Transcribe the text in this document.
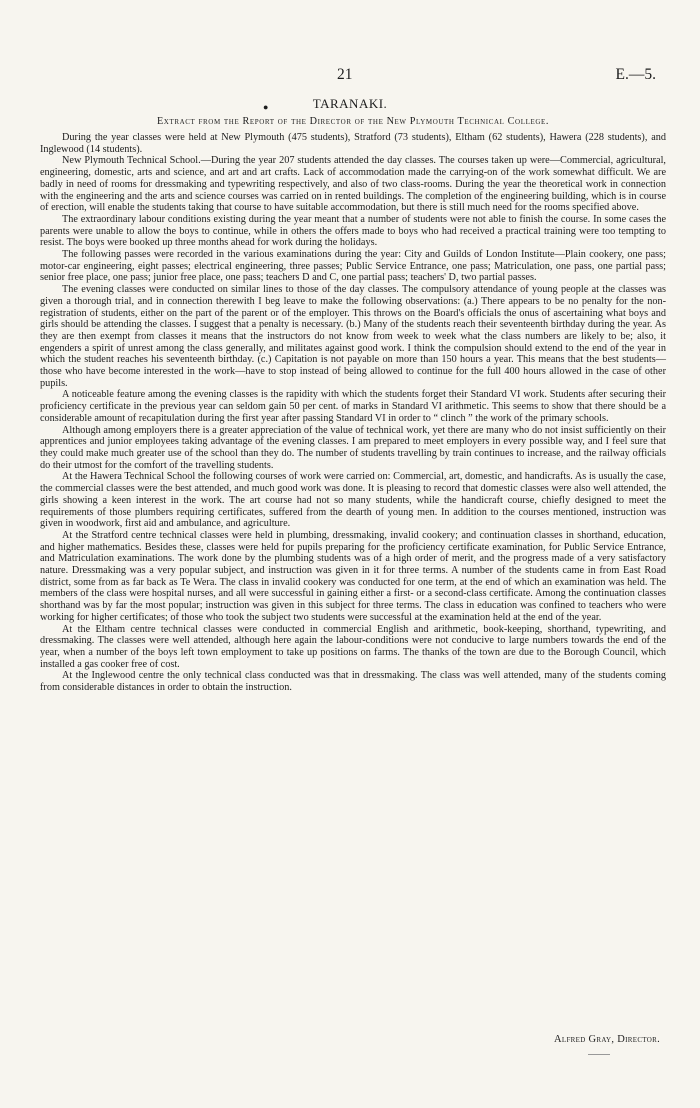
21	E.—5.
●	TARANAKI.
Extract from the Report of the Director of the New Plymouth Technical College.

During the year classes were held at New Plymouth (475 students), Stratford (73 students), Eltham (62 students), Hawera (228 students), and Inglewood (14 students).

New Plymouth Technical School.—During the year 207 students attended the day classes. The courses taken up were—Commercial, agricultural, engineering, domestic, arts and science, and art and art crafts. Lack of accommodation made the carrying-on of the work somewhat difficult. We are badly in need of rooms for dressmaking and typewriting respectively, and also of two class-rooms. During the year the theoretical work in connection with the engineering and the arts and science courses was carried on in rented buildings. The completion of the engineering building, which is in course of erection, will enable the students taking that course to have suitable accommodation, but there is still much need for the rooms specified above.

The extraordinary labour conditions existing during the year meant that a number of students were not able to finish the course. In some cases the parents were unable to allow the boys to continue, while in others the offers made to boys who had received a practical training were too tempting to resist. The boys were booked up three months ahead for work during the holidays.

The following passes were recorded in the various examinations during the year: City and Guilds of London Institute—Plain cookery, one pass; motor-car engineering, eight passes; electrical engineering, three passes; Public Service Entrance, one pass; Matriculation, one pass, one partial pass; senior free place, one pass; junior free place, one pass; teachers D and C, one partial pass; teachers' D, two partial passes.

The evening classes were conducted on similar lines to those of the day classes. The compulsory attendance of young people at the classes was given a thorough trial, and in connection therewith I beg leave to make the following observations: (a.) There appears to be no penalty for the non-registration of students, either on the part of the parent or of the employer. This throws on the Board's officials the onus of ascertaining what boys and girls should be attending the classes. I suggest that a penalty is necessary. (b.) Many of the students reach their seventeenth birthday during the year. As they are then exempt from classes it means that the instructors do not know from week to week what the class numbers are likely to be; also, it engenders a spirit of unrest among the class generally, and militates against good work. I think the compulsion should extend to the end of the year in which the student reaches his seventeenth birthday. (c.) Capitation is not payable on more than 150 hours a year. This means that the best students—those who have become interested in the work—have to stop instead of being allowed to continue for the full 400 hours allowed in the case of other pupils.

A noticeable feature among the evening classes is the rapidity with which the students forget their Standard VI work. Students after securing their proficiency certificate in the previous year can seldom gain 50 per cent. of marks in Standard VI arithmetic. This seems to show that there should be a considerable amount of recapitulation during the first year after passing Standard VI in order to “ clinch ” the work of the primary schools.

Although among employers there is a greater appreciation of the value of technical work, yet there are many who do not insist sufficiently on their apprentices and junior employees taking advantage of the evening classes. I am prepared to meet employers in every possible way, and I feel sure that they could make much greater use of the school than they do. The number of students travelling by train continues to increase, and the railway officials do their utmost for the comfort of the travelling students.

At the Hawera Technical School the following courses of work were carried on: Commercial, art, domestic, and handicrafts. As is usually the case, the commercial classes were the best attended, and much good work was done. It is pleasing to record that domestic classes were also well attended, the girls showing a keen interest in the work. The art course had not so many students, while the handicraft course, chiefly designed to meet the requirements of those plumbers requiring certificates, suffered from the dearth of young men. In addition to the courses mentioned, instruction was given in woodwork, first aid and ambulance, and agriculture.

At the Stratford centre technical classes were held in plumbing, dressmaking, invalid cookery; and continuation classes in shorthand, education, and higher mathematics. Besides these, classes were held for pupils preparing for the proficiency certificate examination, for Public Service Entrance, and Matriculation examinations. The work done by the plumbing students was of a high order of merit, and the progress made of a very satisfactory nature. Dressmaking was a very popular subject, and instruction was given in it for three terms. A number of the students came in from East Road district, some from as far back as Te Wera. The class in invalid cookery was conducted for one term, at the end of which an examination was held. The members of the class were hospital nurses, and all were successful in gaining either a first- or a second-class certificate. Among the continuation classes shorthand was by far the most popular; instruction was given in this subject for three terms. The class in education was confined to teachers who were working for higher certificates; of those who took the subject two students were successful at the examination held at the end of the year.

At the Eltham centre technical classes were conducted in commercial English and arithmetic, book-keeping, shorthand, typewriting, and dressmaking. The classes were well attended, although here again the labour-conditions were not conducive to large numbers towards the end of the year, when a number of the boys left town employment to take up positions on farms. The thanks of the town are due to the Borough Council, which installed a gas cooker free of cost.

At the Inglewood centre the only technical class conducted was that in dressmaking. The class was well attended, many of the students coming from considerable distances in order to obtain the instruction.

Alfred Gray, Director.
